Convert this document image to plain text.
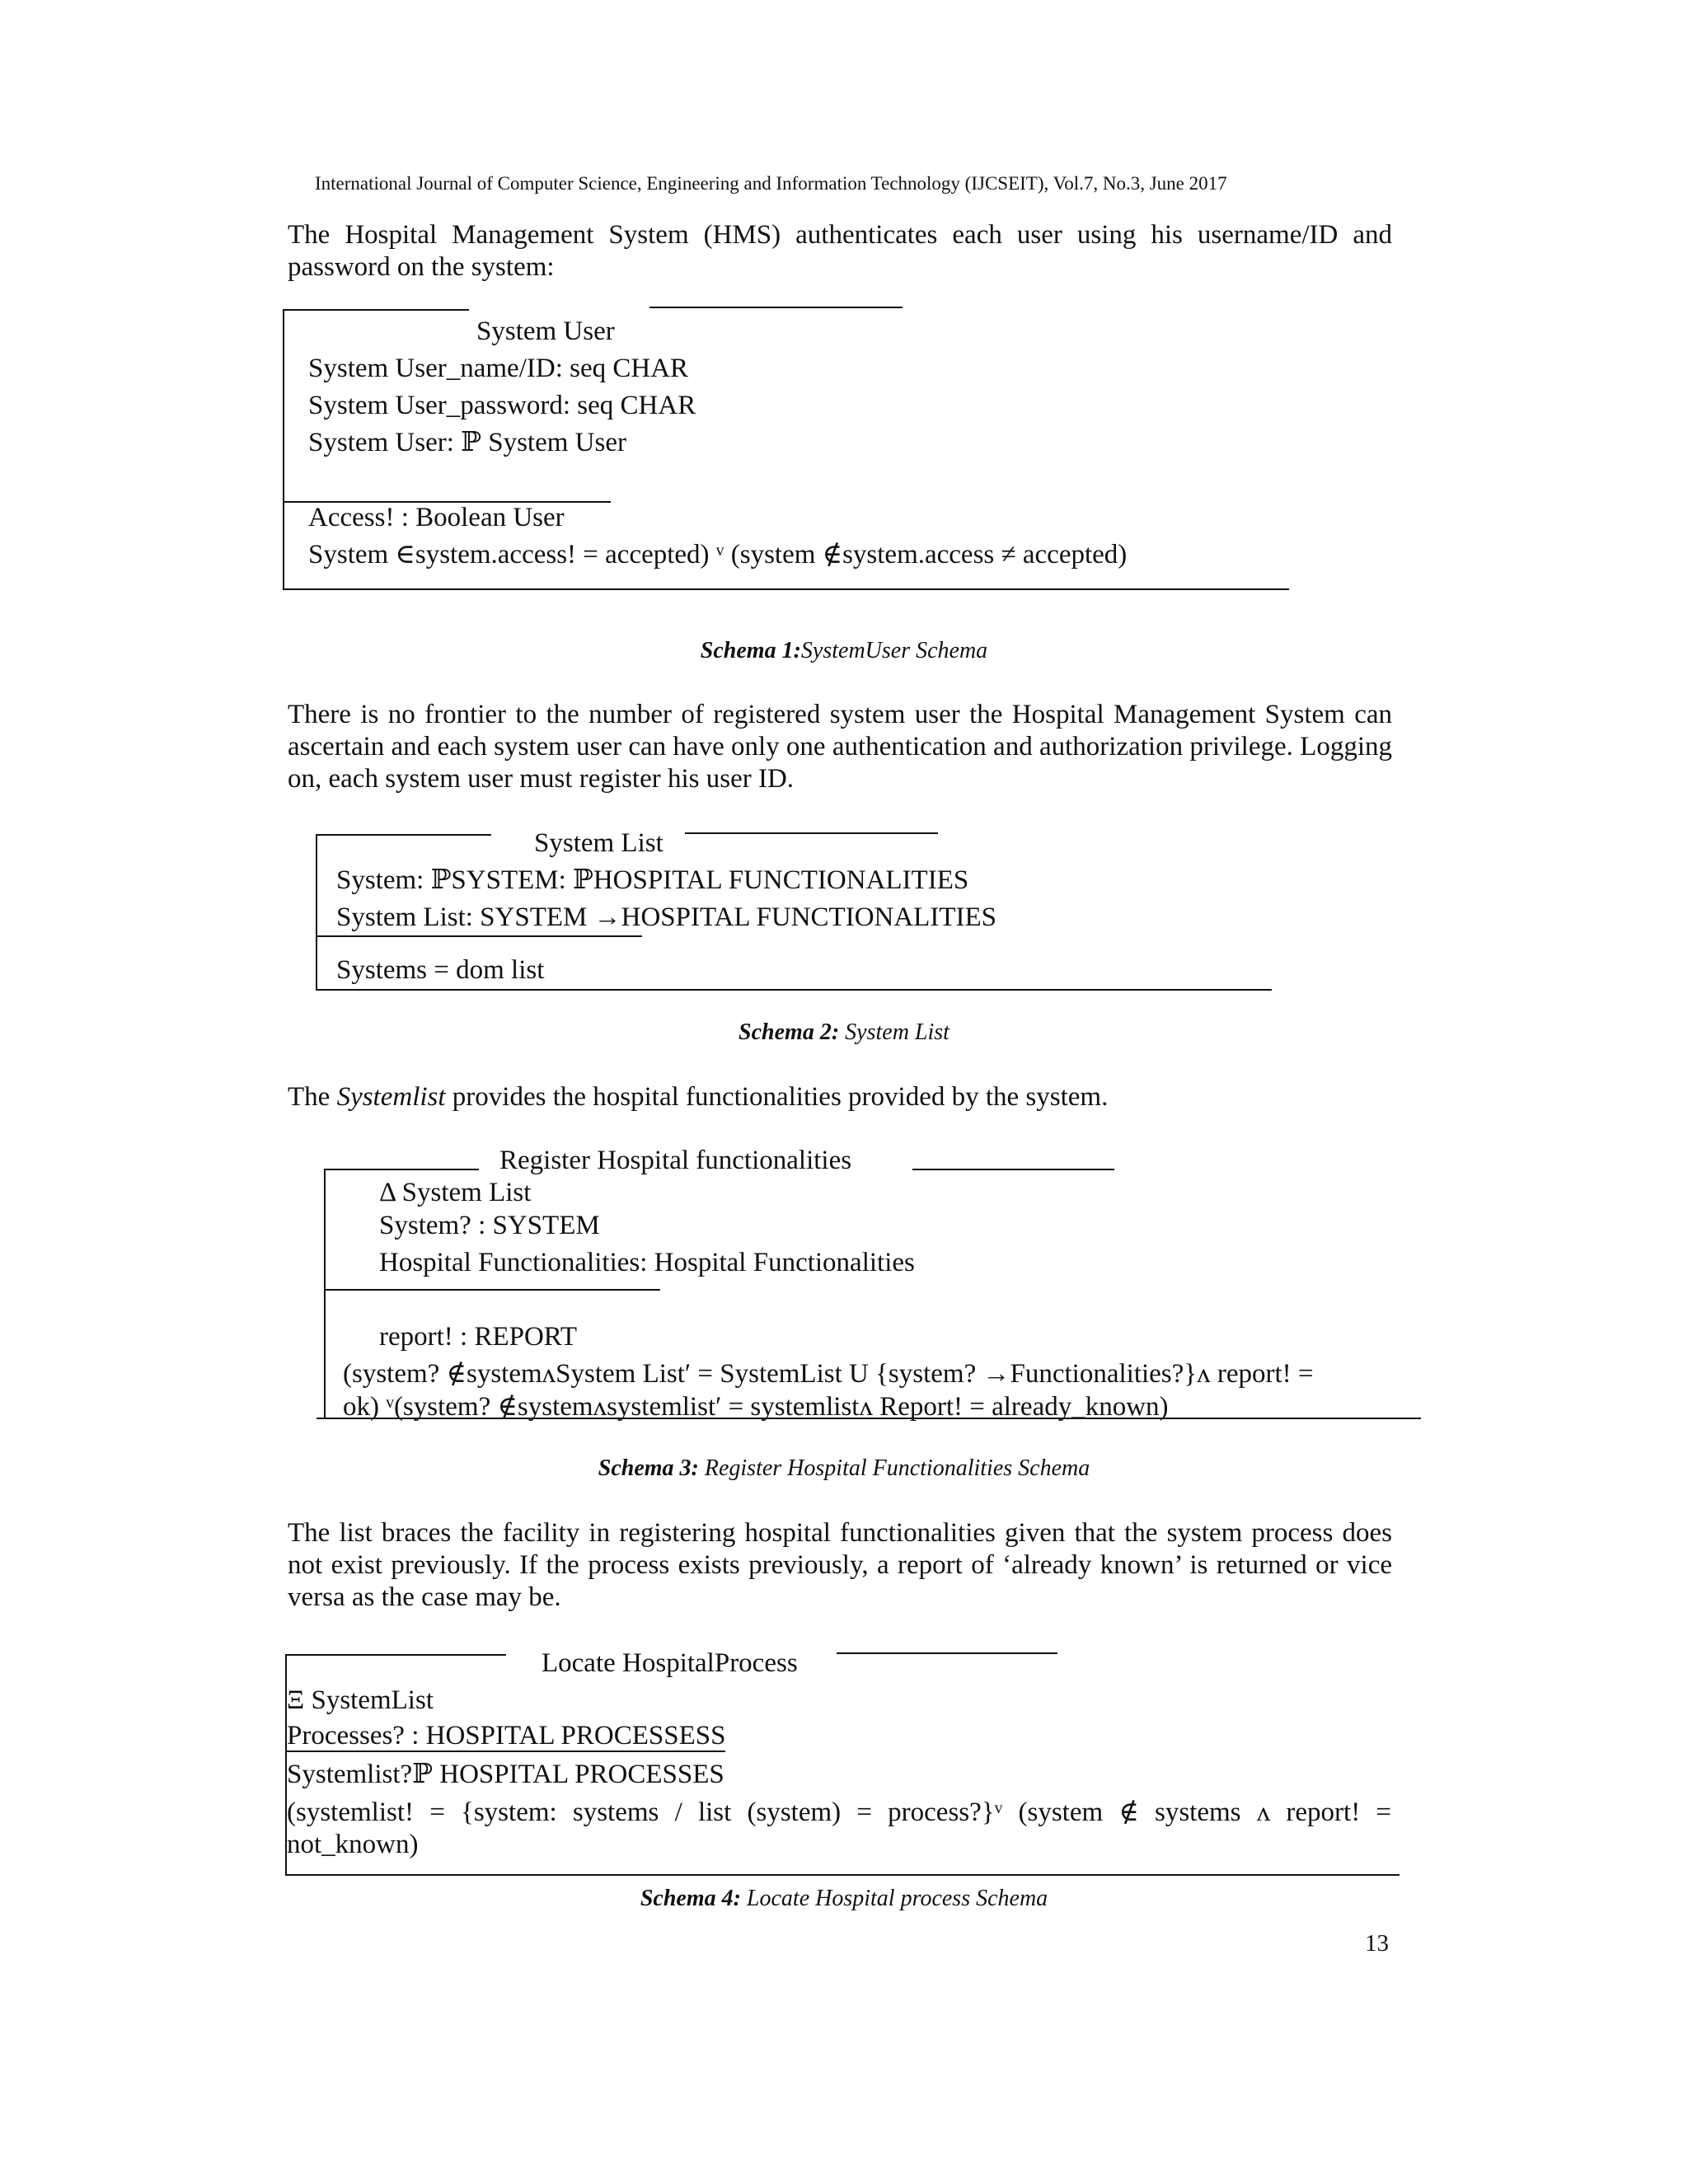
International Journal of Computer Science, Engineering and Information Technology (IJCSEIT), Vol.7, No.3, June 2017
The Hospital Management System (HMS) authenticates each user using his username/ID and password on the system:
System User
System User_name/ID: seq CHAR
System User_password: seq CHAR
System User: ℙ System User
Access! : Boolean User
System ∈system.access! = accepted) ᵛ (system ∉system.access ≠ accepted)
Schema 1:SystemUser Schema
There is no frontier to the number of registered system user the Hospital Management System can ascertain and each system user can have only one authentication and authorization privilege. Logging on, each system user must register his user ID.
System List
System: ℙSYSTEM: ℙHOSPITAL FUNCTIONALITIES
System List: SYSTEM →HOSPITAL FUNCTIONALITIES
Systems = dom list
Schema 2: System List
The Systemlist provides the hospital functionalities provided by the system.
Register Hospital functionalities
Δ System List
System? : SYSTEM
Hospital Functionalities: Hospital Functionalities
report! : REPORT
(system? ∉systemᴧSystem List′ = SystemList U {system? →Functionalities?}ᴧ report! =
ok) ᵛ(system? ∉systemᴧsystemlist′ = systemlistᴧ Report! = already_known)
Schema 3: Register Hospital Functionalities Schema
The list braces the facility in registering hospital functionalities given that the system process does not exist previously. If the process exists previously, a report of ‘already known’ is returned or vice versa as the case may be.
Locate HospitalProcess
Ξ SystemList
Processes? : HOSPITAL PROCESSESS
Systemlist?ℙ HOSPITAL PROCESSES
(systemlist! = {system: systems / list (system) = process?}ᵛ (system ∉ systems ᴧ report! = not_known)
Schema 4: Locate Hospital process Schema
13
